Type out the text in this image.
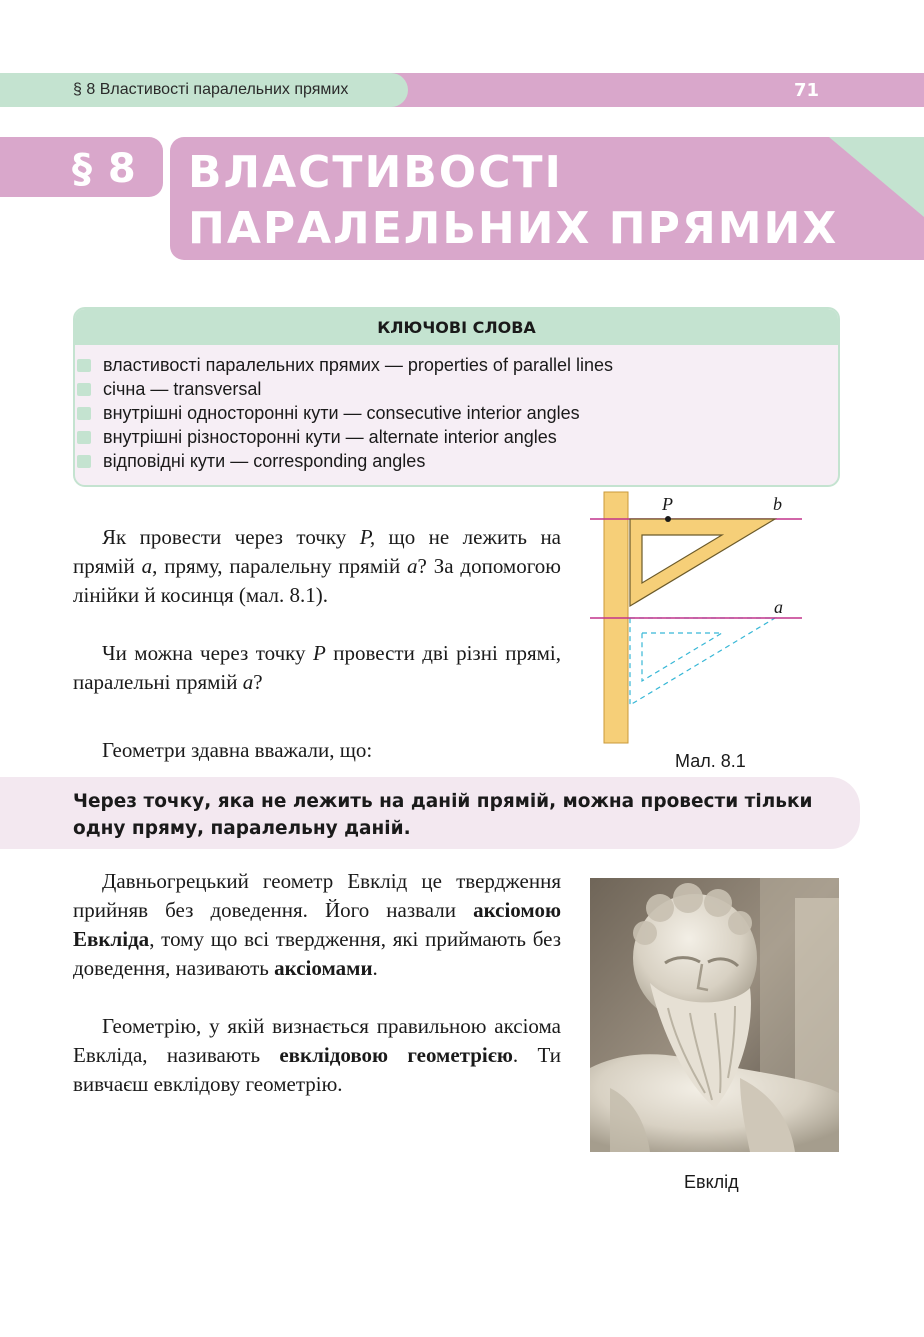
§ 8 Властивості паралельних прямих	71
§ 8 ВЛАСТИВОСТІ
ПАРАЛЕЛЬНИХ ПРЯМИХ
КЛЮЧОВІ СЛОВА
властивості паралельних прямих — properties of parallel lines
січна — transversal
внутрішні односторонні кути — consecutive interior angles
внутрішні різносторонні кути — alternate interior angles
відповідні кути — corresponding angles

Як провести через точку P, що не лежить на прямій a, пряму, паралельну прямій a? За допомогою лінійки й косинця (мал. 8.1).

Чи можна через точку P провести дві різні прямі, паралельні прямій a?

Геометри здавна вважали, що:

P	b
a
Мал. 8.1

Через точку, яка не лежить на даній прямій, можна провести тільки одну пряму, паралельну даній.

Давньогрецький геометр Евклід це твердження прийняв без доведення. Його назвали аксіомою Евкліда, тому що всі твердження, які приймають без доведення, називають аксіомами.

Геометрію, у якій визнається правильною аксіома Евкліда, називають евклідовою геометрією. Ти вивчаєш евклідову геометрію.

Евклід
